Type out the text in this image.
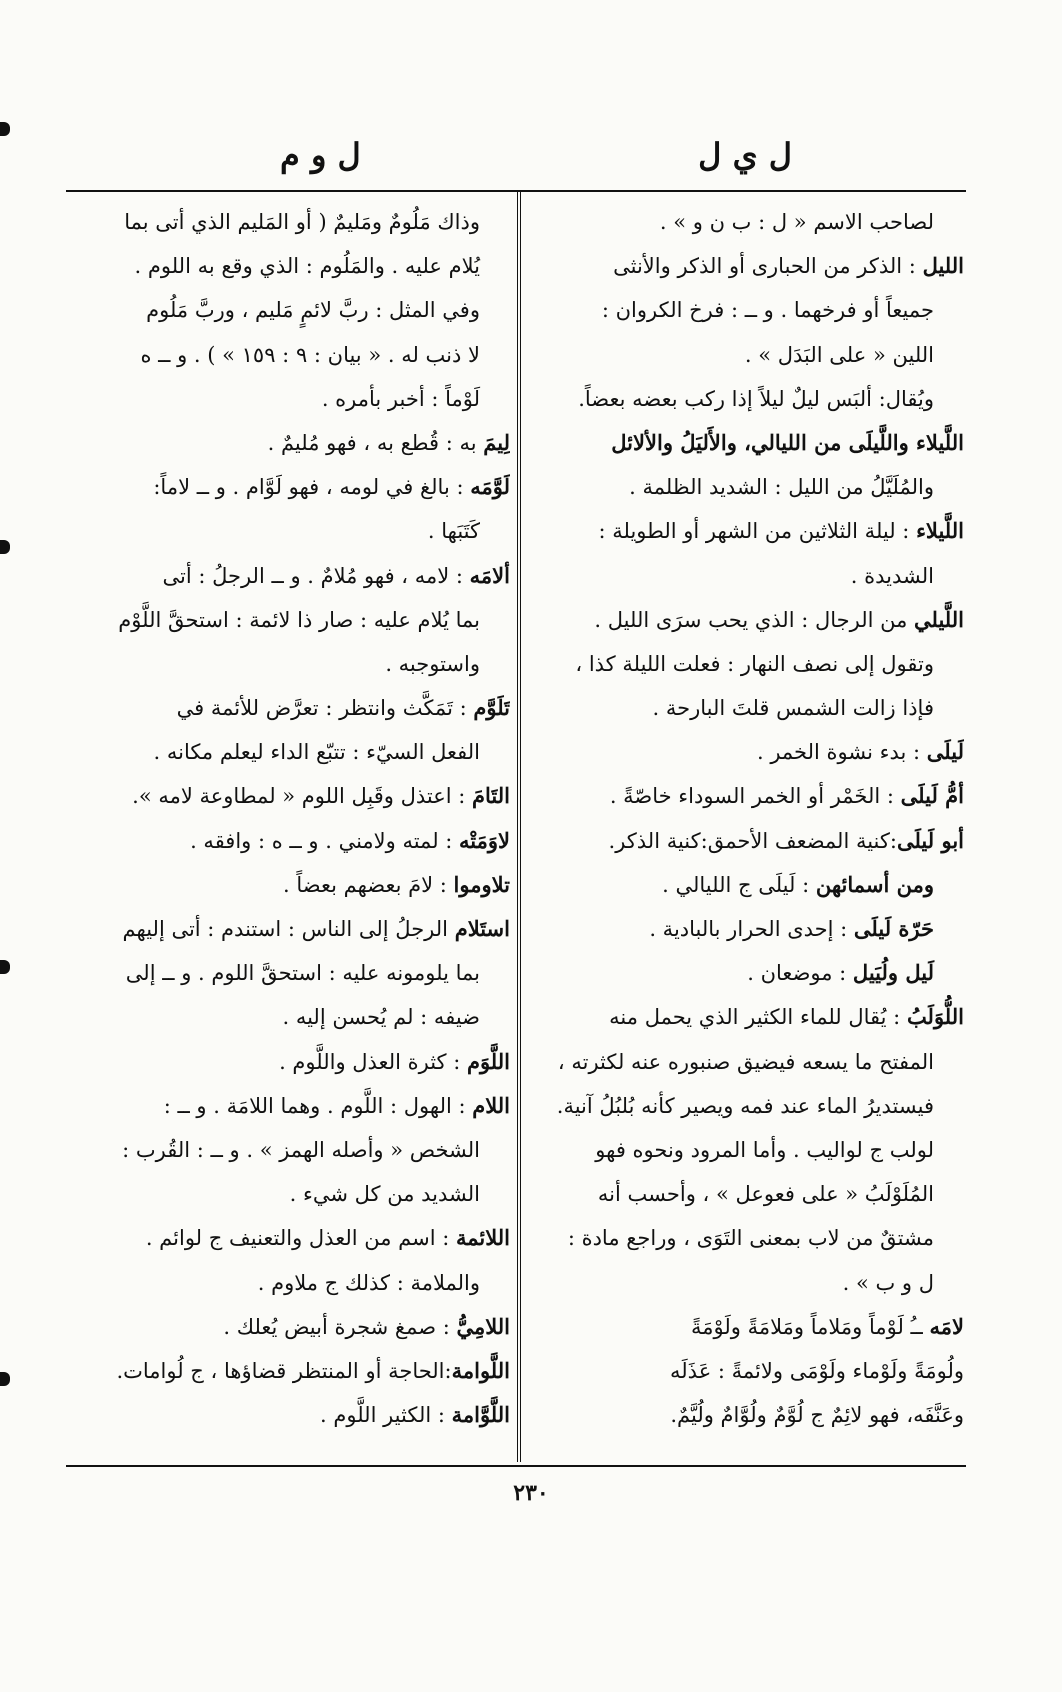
ل ي ل
ل و م
لصاحب الاسم « ل : ب ن و » .
الليل : الذكر من الحبارى أو الذكر والأنثى
جميعاً أو فرخهما . و ــ : فرخ الكروان :
اللين « على البَدَل » .
ويُقال: ألبَس ليلٌ ليلاً إذا ركب بعضه بعضاً.
اللَّيلاء واللَّيلَى من الليالي، والأَليَلُ والألائل
والمُلَيَّلُ من الليل : الشديد الظلمة .
اللَّيلاء : ليلة الثلاثين من الشهر أو الطويلة :
الشديدة .
اللَّيلي من الرجال : الذي يحب سرَى الليل .
وتقول إلى نصف النهار : فعلت الليلة كذا ،
فإذا زالت الشمس قلتَ البارحة .
لَيلَى : بدء نشوة الخمر .
أمُّ لَيلَى : الخَمْر أو الخمر السوداء خاصّةً .
أبو لَيلَى:كنية المضعف الأحمق:كنية الذكر.
ومن أسمائهن : لَيلَى ج الليالي .
حَرّة لَيلَى : إحدى الحرار بالبادية .
لَيل ولُيَيل : موضعان .
اللُّوَلَبُ : يُقال للماء الكثير الذي يحمل منه
المفتح ما يسعه فيضيق صنبوره عنه لكثرته ،
فيستديرُ الماء عند فمه ويصير كأنه بُلبُلُ آنية.
لولب ج لواليب . وأما المرود ونحوه فهو
المُلَوْلَبُ « على فعوعل » ، وأحسب أنه
مشتقٌ من لاب بمعنى التَوَى ، وراجع مادة :
ل و ب » .
لامَه ــُ لَوْماً ومَلاماً ومَلامَةً ولَوْمَةً
ولُومَةً ولَوْماء ولَوْمَى ولائمةً : عَذَلَه
وعَنَّفَه، فهو لائِمٌ ج لُوَّمٌ ولُوَّامٌ ولُيَّمٌ.
وذاك مَلُومٌ ومَليمٌ ( أو المَليم الذي أتى بما
يُلام عليه . والمَلُوم : الذي وقع به اللوم .
وفي المثل : ربَّ لائمٍ مَليم ، وربَّ مَلُوم
لا ذنب له . « بيان : ٩ : ١٥٩ » ) . و ــ ه
لَوْماً : أخبر بأمره .
لِيمَ به : قُطع به ، فهو مُليمٌ .
لَوَّمَه : بالغ في لومه ، فهو لَوَّام . و ــ لاماً:
كَتَبَها .
ألامَه : لامه ، فهو مُلامٌ . و ــ الرجلُ : أتى
بما يُلام عليه : صار ذا لائمة : استحقَّ اللَّوْم
واستوجبه .
تَلَوَّم : تَمَكَّث وانتظر : تعرَّض للأئمة في
الفعل السيّء : تتبّع الداء ليعلم مكانه .
التَامَ : اعتذل وقَبِل اللوم « لمطاوعة لامه ».
لاوَمَتْه : لمته ولامني . و ــ ه : وافقه .
تلاوموا : لامَ بعضهم بعضاً .
استَلام الرجلُ إلى الناس : استندم : أتى إليهم
بما يلومونه عليه : استحقَّ اللوم . و ــ إلى
ضيفه : لم يُحسن إليه .
اللَّوَم : كثرة العذل واللَّوم .
اللام : الهول : اللَّوم . وهما اللامَة . و ــ :
الشخص « وأصله الهمز » . و ــ : القُرب :
الشديد من كل شيء .
اللائمة : اسم من العذل والتعنيف ج لوائم .
والملامة : كذلك ج ملاوم .
اللامِيُّ : صمغ شجرة أبيض يُعلك .
اللَّوامة:الحاجة أو المنتظر قضاؤها ، ج لُوامات.
اللَّوَّامة : الكثير اللَّوم .
٢٣٠
